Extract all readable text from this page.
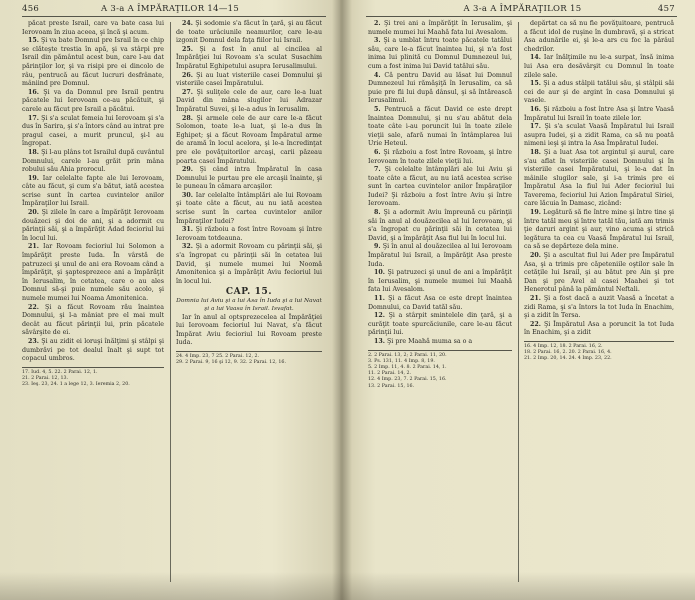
456	A 3-a A ÎMPĂRAŢILOR 14—15

păcat preste Israil, care va bate casa lui Ierovoam în ziua aceea, şi încă şi acum.

15. Şi va bate Domnul pre Israil în ce chip se clăteşte trestia în apă, şi va stârpi pre Israil din pământul acest bun, care l-au dat părinţilor lor, şi va risipi pre ei dincolo de râu, pentrucă au făcut lucruri desfrânate, mâniind pre Domnul.

16. Şi va da Domnul pre Israil pentru păcatele lui Ierovoam ce-au păcătuit, şi carele au făcut pre Israil a păcătui.

17. Şi s'a sculat femeia lui Ierovoam şi s'a dus în Sarira, şi s'a întors când au intrat pre pragul casei, a murit pruncul, şi-l au îngropat.

18. Şi l-au plâns tot Israilul după cuvântul Domnului, carele l-au grăit prin mâna robului său Ahia prorocul.

19. Iar celelalte fapte ale lui Ierovoam, câte au făcut, şi cum s'a bătut, iată acestea scrise sunt în cartea cuvintelor anilor Împăraţilor lui Israil.

20. Şi zilele în care a împărăţit Ierovoam douăzeci şi doi de ani, şi a adormit cu părinţii săi, şi a împărăţit Adad fecioriul lui în locul lui.

21. Iar Rovoam fecioriul lui Solomon a împărăţit preste Iuda. În vârstă de patruzeci şi unul de ani era Rovoam când a împărăţit, şi şaptesprezece ani a împărăţit în Ierusalim, în cetatea, care o au ales Domnul să-şi puie numele său acolo, şi numele mumei lui Noama Amonitenica.

22. Şi a făcut Rovoam rău înaintea Domnului, şi l-a mâniat pre el mai mult decât au făcut părinţii lui, prin păcatele săvârşite de ei.

23. Şi au zidit ei loruşi înălţimi şi stâlpi şi dumbrăvi pe tot dealul înalt şi supt tot copacul umbros.

17. Iud. 4, 5. 22. 2 Parai. 12, 1.

21. 2 Parai. 12, 13.

23. Ieş. 23, 24. 1 a lege 12, 3. Ieremia 2, 20.

24. Şi sodomie s'a făcut în ţară, şi au făcut de toate urâciunile neamurilor, care le-au izgonit Domnul dela faţa fiilor lui Israil.

25. Şi a fost în anul al cincilea al Împărăţiei lui Rovoam s'a sculat Susachim Împăratul Eghipetului asupra Ierusalimului.

26. Şi au luat visteriile casei Domnului şi visteriile casei Împăratului.

27. Şi suliţele cele de aur, care le-a luat David din mâna slugilor lui Adrazar Împăratul Suvei, şi le-a adus în Ierusalim.

28. Şi armele cele de aur care le-a făcut Solomon, toate le-a luat, şi le-a dus în Eghipet; şi a făcut Rovoam Împăratul arme de aramă în locul acelora, şi le-a încredinţat pre ele povăţuitorilor arcaşi, carii păzeau poarta casei Împăratului.

29. Şi când intra Împăratul în casa Domnului le purtau pre ele arcaşii înainte, şi le puneau în cămara arcaşilor.

30. Iar celelalte întâmplări ale lui Rovoam şi toate câte a făcut, au nu iată acestea scrise sunt în cartea cuvintelor anilor Împăraţilor Iudei?

31. Şi războiu a fost între Rovoam şi între Ierovoam totdeauna.

32. Şi a adormit Rovoam cu părinţii săi, şi s'a îngropat cu părinţii săi în cetatea lui David, şi numele mumei lui Noomă Amonitenica şi a împărăţit Aviu fecioriul lui în locul lui.

CAP. 15.

Domnia lui Aviu şi a lui Asa în Iuda şi a lui Navat şi a lui Vaasa în Israil. Isvafat.

Iar în anul al optsprezecelea al Împărăţiei lui Ierovoam fecioriul lui Navat, s'a făcut Împărat Aviu fecioriul lui Rovoam preste Iuda.

24. 4 Imp. 23, 7 25. 2 Parai. 12, 2.

29. 2 Parai. 9, 16 şi 12, 9. 32. 2 Parai. 12, 16.

A 3-a A ÎMPĂRAŢILOR 15	457

2. Şi trei ani a împărăţit în Ierusalim, şi numele mumei lui Maahă fata lui Avesalom.

3. Şi a umblat întru toate păcatele tatălui său, care le-a făcut înaintea lui, şi n'a fost inima lui plinită cu Domnul Dumnezeul lui, cum a fost inima lui David tatălui său.

4. Că pentru David au lăsat lui Domnul Dumnezeul lui rămăşiţă în Ierusalim, ca să puie pre fii lui după dânsul, şi să întărească Ierusalimul.

5. Pentrucă a făcut David ce este drept înaintea Domnului, şi nu s'au abătut dela toate câte i-au poruncit lui în toate zilele vieţii sale, afară numai în întâmplarea lui Urie Heteul.

6. Şi războiu a fost între Rovoam, şi între Ierovoam în toate zilele vieţii lui.

7. Şi celelalte întâmplări ale lui Aviu şi toate câte a făcut, au nu iată acestea scrise sunt în cartea cuvintelor anilor Împăraţilor Iudei? Şi războiu a fost între Aviu şi între Ierovoam.

8. Şi a adormit Aviu împreună cu părinţii săi în anul al douăzecilea al lui Ierovoam, şi s'a îngropat cu părinţii săi în cetatea lui David, şi a împărăţit Asa fiul lui în locul lui.

9. Şi în anul al douăzecilea al lui Ierovoam Împăratul lui Israil, a împărăţit Asa preste Iuda.

10. Şi patruzeci şi unul de ani a împărăţit în Ierusalim, şi numele mumei lui Maahă fata lui Avesalom.

11. Şi a făcut Asa ce este drept înaintea Domnului, ca David tatăl său.

12. Şi a stârpit smintelele din ţară, şi a curăţit toate spurcăciunile, care le-au făcut părinţii lui.

13. Şi pre Maahă muma sa o a

2. 2 Parai. 13, 2; 2 Parai. 11, 20.

3. Ps. 131, 11. 4 Imp. 8, 19.

5. 2 Imp. 11, 4. 8. 2 Parai. 14, 1.

11. 2 Parai. 14, 2.

12. 4 Imp. 23, 7. 2 Parai. 15, 16.

13. 2 Parai. 15, 16.

depărtat ca să nu fie povăţuitoare, pentrucă a făcut idol de ruşine în dumbravă, şi a stricat Asa adunările ei, şi le-a ars cu foc la pârâul chedrilor.

14. Iar înălţimile nu le-a surpat, însă inima lui Asa era desăvârşit cu Domnul în toate zilele sale.

15. Şi a adus stâlpii tatălui său, şi stâlpii săi cei de aur şi de argint în casa Domnului şi vasele.

16. Şi războiu a fost între Asa şi între Vaasă Împăratul lui Israil în toate zilele lor.

17. Şi s'a sculat Vaasă Împăratul lui Israil asupra Iudei, şi a zidit Rama, ca să nu poată nimeni ieşi şi intra la Asa Împăratul Iudei.

18. Şi a luat Asa tot argintul şi aurul, care s'au aflat în visteriile casei Domnului şi în visteriile casei Împăratului, şi le-a dat în mâinile slugilor sale, şi i-a trimis pre ei Împăratul Asa la fiul lui Ader fecioriul lui Taverema, fecioriul lui Azion Împăratul Siriei, care lăcuia în Damasc, zicând:

19. Legătură să fie între mine şi între tine şi între tatăl meu şi între tatăl tău, iată am trimis ţie daruri argint şi aur, vino acuma şi strică legătura ta cea cu Vaasă Împăratul lui Israil, ca să se depărteze dela mine.

20. Şi a ascultat fiul lui Ader pre Împăratul Asa, şi a trimis pre căpeteniile oştilor sale în cetăţile lui Israil, şi au bătut pre Ain şi pre Dan şi pre Avel al casei Maahei şi tot Henerotul până la pământul Neftali.

21. Şi a fost dacă a auzit Vaasă a încetat a zidi Rama, şi s'a întors la tot Iuda în Enachim, şi a zidit în Tersa.

22. Şi Împăratul Asa a poruncit la tot Iuda în Enachim, şi a zidit

16. 4 Imp. 12, 18. 2 Parai. 16, 2.

18. 2 Parai. 16, 2. 20. 2 Parai. 16, 4.

21. 2 Imp. 20, 14. 24. 4 Imp. 23, 22.
